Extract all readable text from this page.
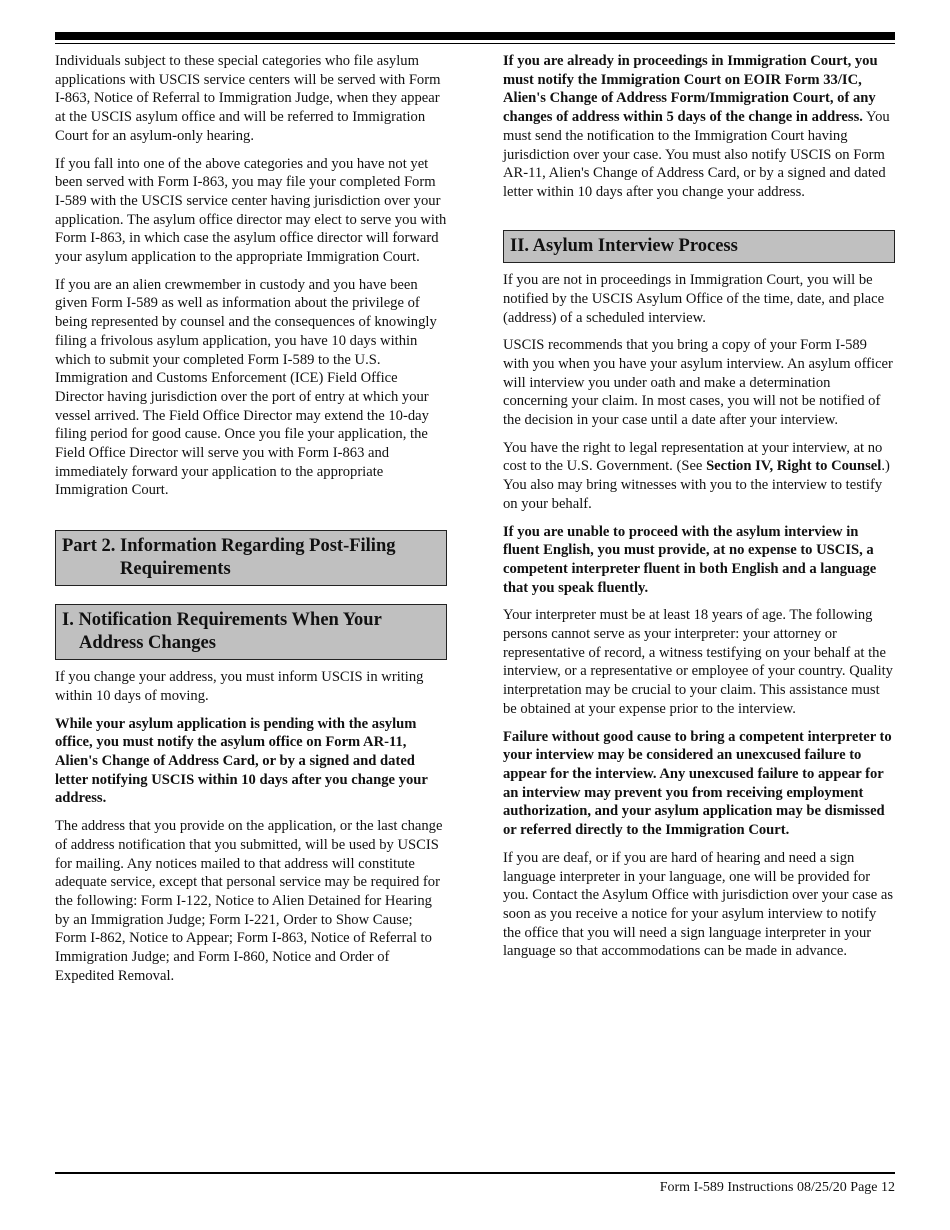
Individuals subject to these special categories who file asylum applications with USCIS service centers will be served with Form I-863, Notice of Referral to Immigration Judge, when they appear at the USCIS asylum office and will be referred to Immigration Court for an asylum-only hearing.

If you fall into one of the above categories and you have not yet been served with Form I-863, you may file your completed Form I-589 with the USCIS service center having jurisdiction over your application. The asylum office director may elect to serve you with Form I-863, in which case the asylum office director will forward your asylum application to the appropriate Immigration Court.

If you are an alien crewmember in custody and you have been given Form I-589 as well as information about the privilege of being represented by counsel and the consequences of knowingly filing a frivolous asylum application, you have 10 days within which to submit your completed Form I-589 to the U.S. Immigration and Customs Enforcement (ICE) Field Office Director having jurisdiction over the port of entry at which your vessel arrived. The Field Office Director may extend the 10-day filing period for good cause. Once you file your application, the Field Office Director will serve you with Form I-863 and immediately forward your application to the appropriate Immigration Court.

Part 2. Information Regarding Post-Filing
Requirements
I. Notification Requirements When Your
Address Changes

If you change your address, you must inform USCIS in writing within 10 days of moving.

While your asylum application is pending with the asylum office, you must notify the asylum office on Form AR-11, Alien's Change of Address Card, or by a signed and dated letter notifying USCIS within 10 days after you change your address.

The address that you provide on the application, or the last change of address notification that you submitted, will be used by USCIS for mailing. Any notices mailed to that address will constitute adequate service, except that personal service may be required for the following: Form I-122, Notice to Alien Detained for Hearing by an Immigration Judge; Form I-221, Order to Show Cause; Form I-862, Notice to Appear; Form I-863, Notice of Referral to Immigration Judge; and Form I-860, Notice and Order of Expedited Removal.

If you are already in proceedings in Immigration Court, you must notify the Immigration Court on EOIR Form 33/IC, Alien's Change of Address Form/Immigration Court, of any changes of address within 5 days of the change in address. You must send the notification to the Immigration Court having jurisdiction over your case. You must also notify USCIS on Form AR-11, Alien's Change of Address Card, or by a signed and dated letter within 10 days after you change your address.

II. Asylum Interview Process

If you are not in proceedings in Immigration Court, you will be notified by the USCIS Asylum Office of the time, date, and place (address) of a scheduled interview.

USCIS recommends that you bring a copy of your Form I-589 with you when you have your asylum interview. An asylum officer will interview you under oath and make a determination concerning your claim. In most cases, you will not be notified of the decision in your case until a date after your interview.

You have the right to legal representation at your interview, at no cost to the U.S. Government. (See Section IV, Right to Counsel.) You also may bring witnesses with you to the interview to testify on your behalf.

If you are unable to proceed with the asylum interview in fluent English, you must provide, at no expense to USCIS, a competent interpreter fluent in both English and a language that you speak fluently.

Your interpreter must be at least 18 years of age. The following persons cannot serve as your interpreter: your attorney or representative of record, a witness testifying on your behalf at the interview, or a representative or employee of your country. Quality interpretation may be crucial to your claim. This assistance must be obtained at your expense prior to the interview.

Failure without good cause to bring a competent interpreter to your interview may be considered an unexcused failure to appear for the interview. Any unexcused failure to appear for an interview may prevent you from receiving employment authorization, and your asylum application may be dismissed or referred directly to the Immigration Court.

If you are deaf, or if you are hard of hearing and need a sign language interpreter in your language, one will be provided for you. Contact the Asylum Office with jurisdiction over your case as soon as you receive a notice for your asylum interview to notify the office that you will need a sign language interpreter in your language so that accommodations can be made in advance.

Form I-589 Instructions 08/25/20 Page 12
